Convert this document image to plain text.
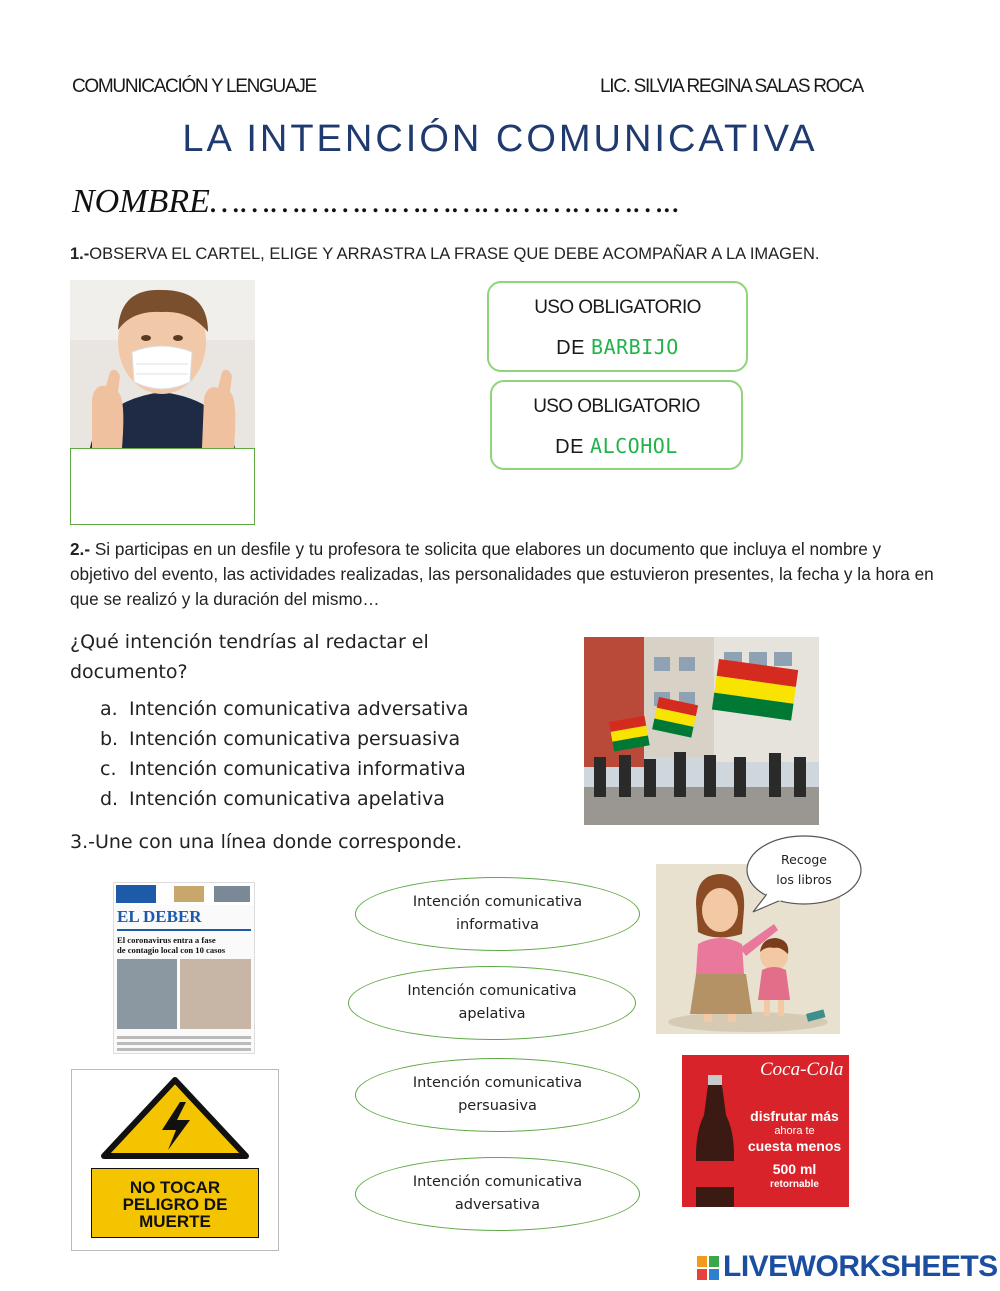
COMUNICACIÓN Y LENGUAJE	LIC. SILVIA REGINA SALAS ROCA
LA INTENCIÓN COMUNICATIVA
NOMBRE………………………………………..
1.-OBSERVA EL CARTEL, ELIGE Y ARRASTRA LA FRASE QUE DEBE ACOMPAÑAR A LA IMAGEN.
USO OBLIGATORIO
DE BARBIJO
USO OBLIGATORIO
DE ALCOHOL
2.- Si participas en un desfile y tu profesora te solicita que elabores un documento que incluya el nombre y objetivo del evento, las actividades realizadas, las personalidades que estuvieron presentes, la fecha y la hora en que se realizó y la duración del mismo…
¿Qué intención tendrías al redactar el
documento?
a. Intención comunicativa adversativa
b. Intención comunicativa persuasiva
c. Intención comunicativa informativa
d. Intención comunicativa apelativa
3.-Une con una línea donde corresponde.
EL DEBER
El coronavirus entra a fase
de contagio local con 10 casos
NO TOCAR
PELIGRO DE
MUERTE
Intención comunicativa
informativa
Intención comunicativa
apelativa
Intención comunicativa
persuasiva
Intención comunicativa
adversativa
Recoge
los libros
Coca-Cola
disfrutar más
ahora te
cuesta menos
500 ml
retornable
LIVEWORKSHEETS
